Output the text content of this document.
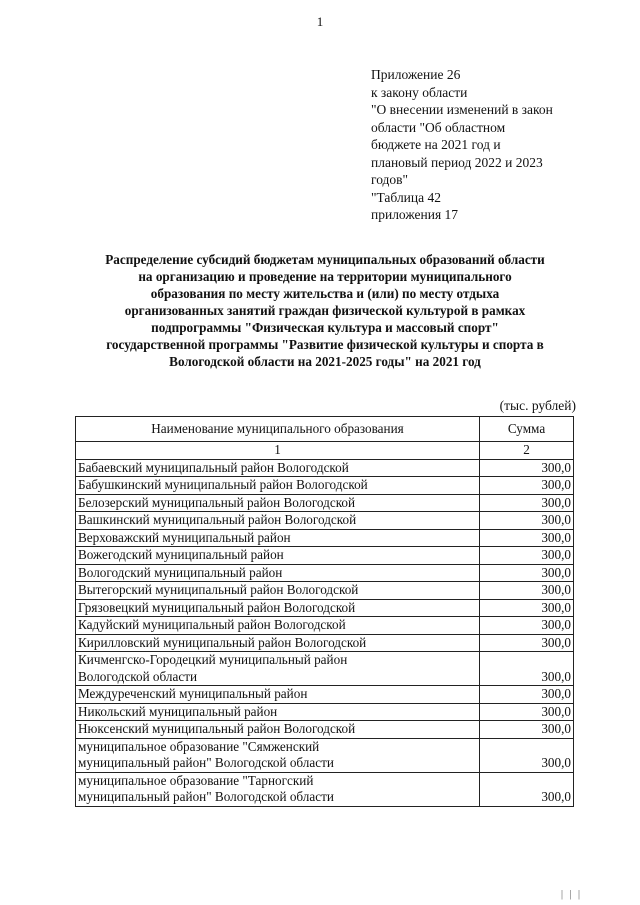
1
Приложение 26
к закону области
"О внесении изменений в закон
области "Об областном
бюджете на 2021 год и
плановый период 2022 и 2023
годов"
"Таблица 42
приложения 17
Распределение субсидий бюджетам муниципальных образований области
на организацию и проведение на территории муниципального
образования по месту жительства и (или) по месту отдыха
организованных занятий граждан физической культурой в рамках
подпрограммы "Физическая культура и массовый спорт"
государственной программы "Развитие физической культуры и спорта в
Вологодской области на 2021-2025 годы" на 2021 год
(тыс. рублей)
Наименование муниципального образования	Сумма
1	2

Бабаевский муниципальный район Вологодской	300,0

Бабушкинский муниципальный район Вологодской	300,0

Белозерский муниципальный район Вологодской	300,0

Вашкинский муниципальный район Вологодской	300,0

Верховажский муниципальный район	300,0

Вожегодский муниципальный район	300,0

Вологодский муниципальный район	300,0

Вытегорский муниципальный район Вологодской	300,0

Грязовецкий муниципальный район Вологодской	300,0

Кадуйский муниципальный район Вологодской	300,0

Кирилловский муниципальный район Вологодской	300,0

Кичменгско-Городецкий муниципальный район
Вологодской области	300,0

Междуреченский муниципальный район	300,0

Никольский муниципальный район	300,0

Нюксенский муниципальный район Вологодской	300,0

муниципальное образование "Сямженский
муниципальный район" Вологодской области	300,0

муниципальное образование "Тарногский
муниципальный район" Вологодской области	300,0
| | |
